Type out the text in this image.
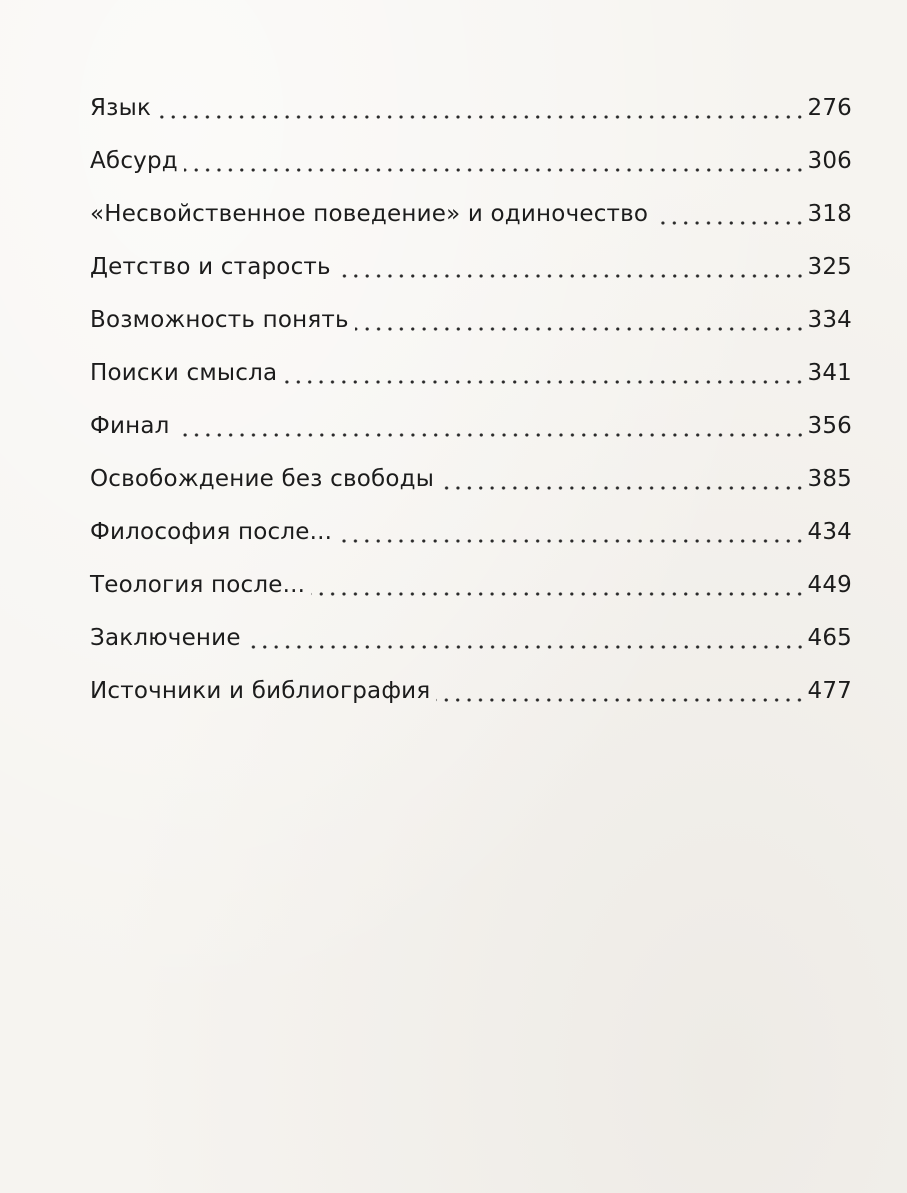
Язык	276
Абсурд	306
«Несвойственное поведение» и одиночество	318
Детство и старость	325
Возможность понять	334
Поиски смысла	341
Финал	356
Освобождение без свободы	385
Философия после...	434
Теология после...	449
Заключение	465
Источники и библиография	477
